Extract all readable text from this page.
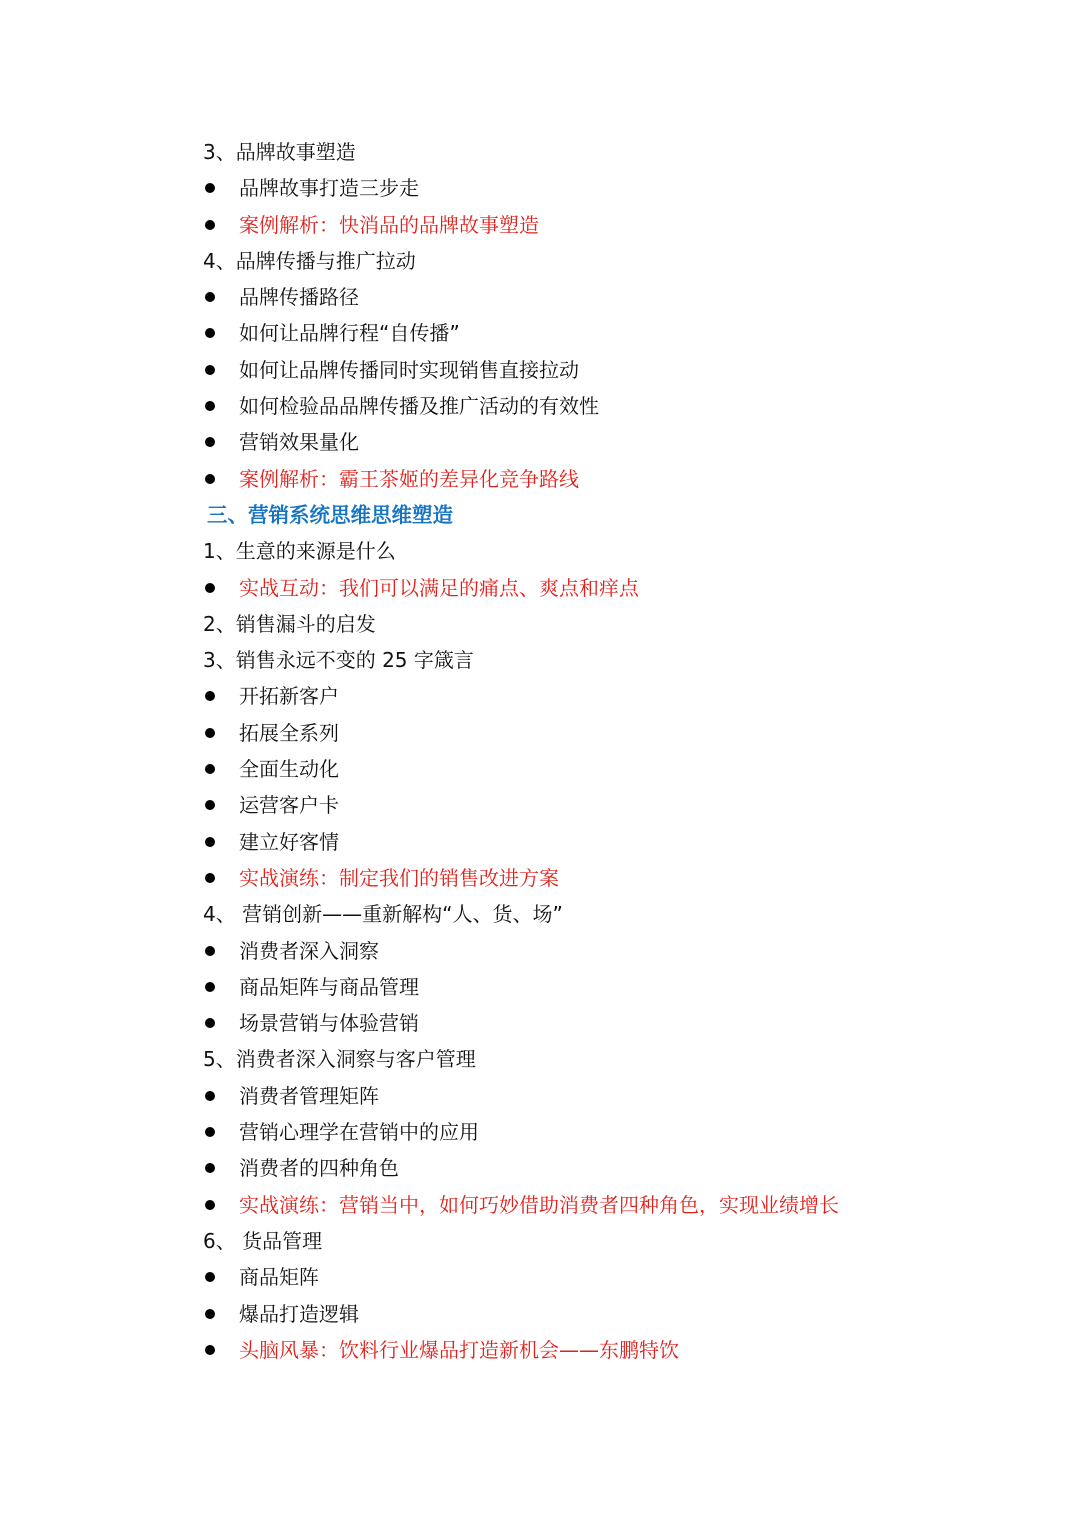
3、品牌故事塑造
品牌故事打造三步走
案例解析：快消品的品牌故事塑造
4、品牌传播与推广拉动
品牌传播路径
如何让品牌行程“自传播”
如何让品牌传播同时实现销售直接拉动
如何检验品品牌传播及推广活动的有效性
营销效果量化
案例解析：霸王茶姬的差异化竞争路线
三、营销系统思维思维塑造
1、生意的来源是什么
实战互动：我们可以满足的痛点、爽点和痒点
2、销售漏斗的启发
3、销售永远不变的 25 字箴言
开拓新客户
拓展全系列
全面生动化
运营客户卡
建立好客情
实战演练：制定我们的销售改进方案
4、 营销创新——重新解构“人、货、场”
消费者深入洞察
商品矩阵与商品管理
场景营销与体验营销
5、消费者深入洞察与客户管理
消费者管理矩阵
营销心理学在营销中的应用
消费者的四种角色
实战演练：营销当中，如何巧妙借助消费者四种角色，实现业绩增长
6、 货品管理
商品矩阵
爆品打造逻辑
头脑风暴：饮料行业爆品打造新机会——东鹏特饮
